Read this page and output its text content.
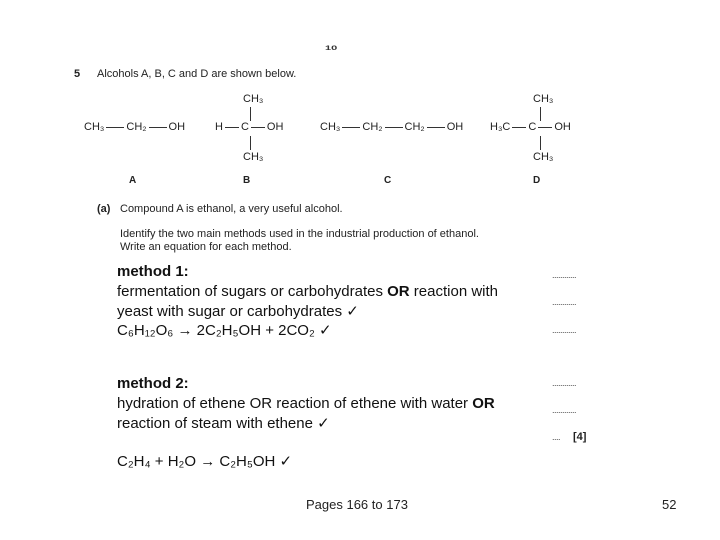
10
5 Alcohols A, B, C and D are shown below.
CH₃ CH₂ OH
A
CH₃
H C OH
CH₃
B
CH₃ CH₂ CH₂ OH
C
CH₃
H₃C C OH
CH₃
D
(a) Compound A is ethanol, a very useful alcohol.
Identify the two main methods used in the industrial production of ethanol.
Write an equation for each method.
method 1:
fermentation of sugars or carbohydrates OR reaction with
yeast with sugar or carbohydrates ✓
C₆H₁₂O₆ → 2C₂H₅OH + 2CO₂ ✓
method 2:
hydration of ethene OR reaction of ethene with water OR
reaction of steam with ethene ✓
C₂H₄ + H₂O → C₂H₅OH ✓
............
............
............
............
............
.... [4]
Pages 166 to 173	52
